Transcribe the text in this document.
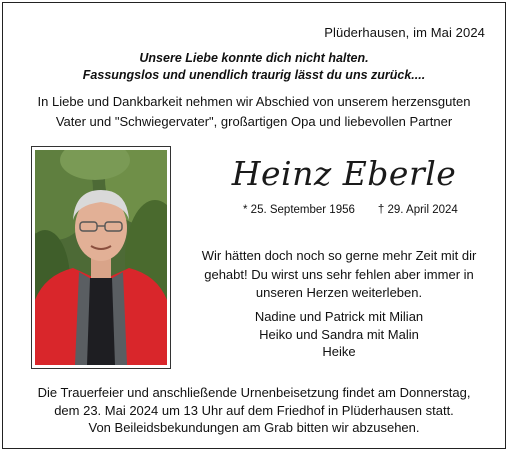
Plüderhausen, im Mai 2024
Unsere Liebe konnte dich nicht halten.
Fassungslos und unendlich traurig lässt du uns zurück....
In Liebe und Dankbarkeit nehmen wir Abschied von unserem herzensguten
Vater und "Schwiegervater", großartigen Opa und liebevollen Partner
Heinz Eberle
* 25. September 1956 † 29. April 2024
Wir hätten doch noch so gerne mehr Zeit mit dir
gehabt! Du wirst uns sehr fehlen aber immer in
unseren Herzen weiterleben.
Nadine und Patrick mit Milian
Heiko und Sandra mit Malin
Heike
Die Trauerfeier und anschließende Urnenbeisetzung findet am Donnerstag,
dem 23. Mai 2024 um 13 Uhr auf dem Friedhof in Plüderhausen statt.
Von Beileidsbekundungen am Grab bitten wir abzusehen.
